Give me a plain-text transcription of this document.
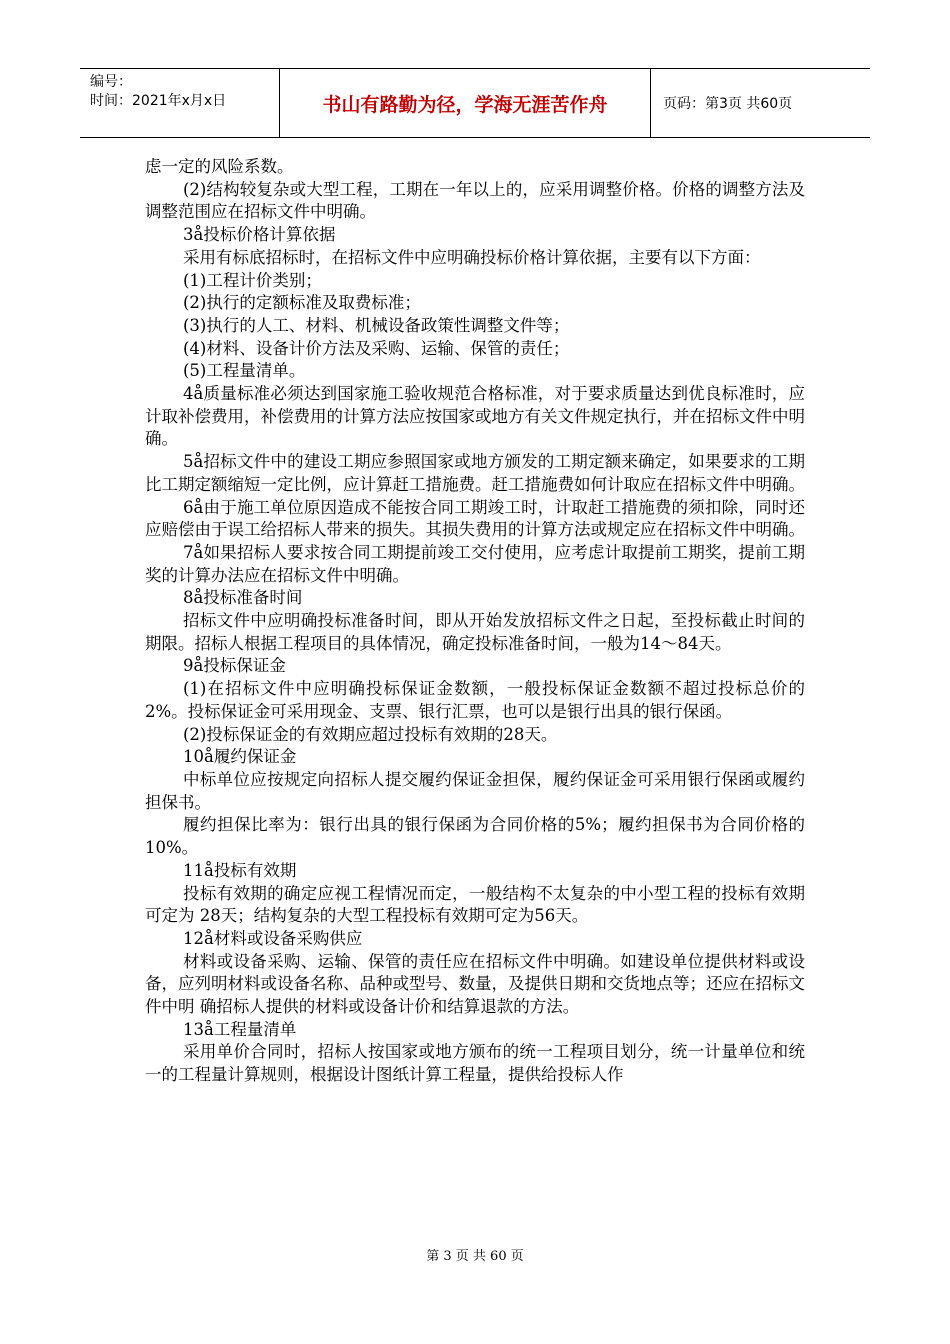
编号：
时间：2021年x月x日	书山有路勤为径，学海无涯苦作舟	页码：第3页 共60页

虑一定的风险系数。

(2)结构较复杂或大型工程，工期在一年以上的，应采用调整价格。价格的调整方法及调整范围应在招标文件中明确。

3å投标价格计算依据

采用有标底招标时，在招标文件中应明确投标价格计算依据，主要有以下方面：

(1)工程计价类别；

(2)执行的定额标准及取费标准；

(3)执行的人工、材料、机械设备政策性调整文件等；

(4)材料、设备计价方法及采购、运输、保管的责任；

(5)工程量清单。

4å质量标准必须达到国家施工验收规范合格标准，对于要求质量达到优良标准时，应计取补偿费用，补偿费用的计算方法应按国家或地方有关文件规定执行，并在招标文件中明确。

5å招标文件中的建设工期应参照国家或地方颁发的工期定额来确定，如果要求的工期比工期定额缩短一定比例，应计算赶工措施费。赶工措施费如何计取应在招标文件中明确。

6å由于施工单位原因造成不能按合同工期竣工时，计取赶工措施费的须扣除，同时还应赔偿由于误工给招标人带来的损失。其损失费用的计算方法或规定应在招标文件中明确。

7å如果招标人要求按合同工期提前竣工交付使用，应考虑计取提前工期奖，提前工期奖的计算办法应在招标文件中明确。

8å投标准备时间

招标文件中应明确投标准备时间，即从开始发放招标文件之日起，至投标截止时间的期限。招标人根据工程项目的具体情况，确定投标准备时间，一般为14～84天。

9å投标保证金

(1)在招标文件中应明确投标保证金数额，一般投标保证金数额不超过投标总价的2%。投标保证金可采用现金、支票、银行汇票，也可以是银行出具的银行保函。

(2)投标保证金的有效期应超过投标有效期的28天。

10å履约保证金

中标单位应按规定向招标人提交履约保证金担保，履约保证金可采用银行保函或履约担保书。

履约担保比率为：银行出具的银行保函为合同价格的5%；履约担保书为合同价格的10%。

11å投标有效期

投标有效期的确定应视工程情况而定，一般结构不太复杂的中小型工程的投标有效期可定为 28天；结构复杂的大型工程投标有效期可定为56天。

12å材料或设备采购供应

材料或设备采购、运输、保管的责任应在招标文件中明确。如建设单位提供材料或设备，应列明材料或设备名称、品种或型号、数量，及提供日期和交货地点等；还应在招标文件中明 确招标人提供的材料或设备计价和结算退款的方法。

13å工程量清单

采用单价合同时，招标人按国家或地方颁布的统一工程项目划分，统一计量单位和统一的工程量计算规则，根据设计图纸计算工程量，提供给投标人作

第 3 页 共 60 页
